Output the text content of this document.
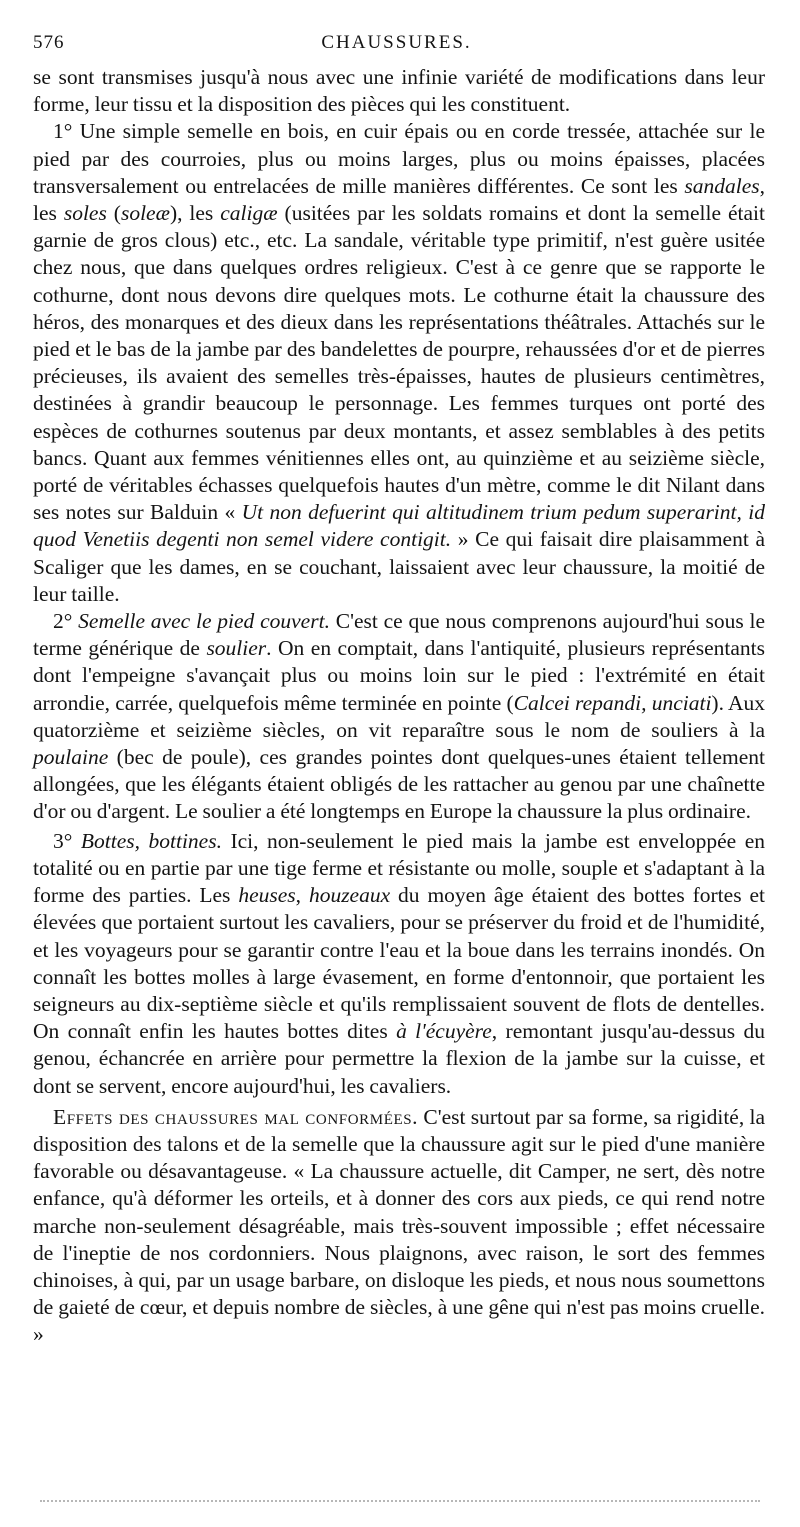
576	CHAUSSURES.

se sont transmises jusqu'à nous avec une infinie variété de modifications dans leur forme, leur tissu et la disposition des pièces qui les constituent.

1° Une simple semelle en bois, en cuir épais ou en corde tressée, attachée sur le pied par des courroies, plus ou moins larges, plus ou moins épaisses, placées transversalement ou entrelacées de mille manières différentes. Ce sont les sandales, les soles (soleæ), les caligæ (usitées par les soldats romains et dont la semelle était garnie de gros clous) etc., etc. La sandale, véritable type primitif, n'est guère usitée chez nous, que dans quelques ordres religieux. C'est à ce genre que se rapporte le cothurne, dont nous devons dire quelques mots. Le cothurne était la chaussure des héros, des monarques et des dieux dans les représentations théâtrales. Attachés sur le pied et le bas de la jambe par des bandelettes de pourpre, rehaussées d'or et de pierres précieuses, ils avaient des semelles très-épaisses, hautes de plusieurs centimètres, destinées à grandir beaucoup le personnage. Les femmes turques ont porté des espèces de cothurnes soutenus par deux montants, et assez semblables à des petits bancs. Quant aux femmes vénitiennes elles ont, au quinzième et au seizième siècle, porté de véritables échasses quelquefois hautes d'un mètre, comme le dit Nilant dans ses notes sur Balduin « Ut non defuerint qui altitudinem trium pedum superarint, id quod Venetiis degenti non semel videre contigit. » Ce qui faisait dire plaisamment à Scaliger que les dames, en se couchant, laissaient avec leur chaussure, la moitié de leur taille.

2° Semelle avec le pied couvert. C'est ce que nous comprenons aujourd'hui sous le terme générique de soulier. On en comptait, dans l'antiquité, plusieurs représentants dont l'empeigne s'avançait plus ou moins loin sur le pied : l'extrémité en était arrondie, carrée, quelquefois même terminée en pointe (Calcei repandi, unciati). Aux quatorzième et seizième siècles, on vit reparaître sous le nom de souliers à la poulaine (bec de poule), ces grandes pointes dont quelques-unes étaient tellement allongées, que les élégants étaient obligés de les rattacher au genou par une chaînette d'or ou d'argent. Le soulier a été longtemps en Europe la chaussure la plus ordinaire.

3° Bottes, bottines. Ici, non-seulement le pied mais la jambe est enveloppée en totalité ou en partie par une tige ferme et résistante ou molle, souple et s'adaptant à la forme des parties. Les heuses, houzeaux du moyen âge étaient des bottes fortes et élevées que portaient surtout les cavaliers, pour se préserver du froid et de l'humidité, et les voyageurs pour se garantir contre l'eau et la boue dans les terrains inondés. On connaît les bottes molles à large évasement, en forme d'entonnoir, que portaient les seigneurs au dix-septième siècle et qu'ils remplissaient souvent de flots de dentelles. On connaît enfin les hautes bottes dites à l'écuyère, remontant jusqu'au-dessus du genou, échancrée en arrière pour permettre la flexion de la jambe sur la cuisse, et dont se servent, encore aujourd'hui, les cavaliers.

Effets des chaussures mal conformées. C'est surtout par sa forme, sa rigidité, la disposition des talons et de la semelle que la chaussure agit sur le pied d'une manière favorable ou désavantageuse. « La chaussure actuelle, dit Camper, ne sert, dès notre enfance, qu'à déformer les orteils, et à donner des cors aux pieds, ce qui rend notre marche non-seulement désagréable, mais très-souvent impossible ; effet nécessaire de l'ineptie de nos cordonniers. Nous plaignons, avec raison, le sort des femmes chinoises, à qui, par un usage barbare, on disloque les pieds, et nous nous soumettons de gaieté de cœur, et depuis nombre de siècles, à une gêne qui n'est pas moins cruelle. »
